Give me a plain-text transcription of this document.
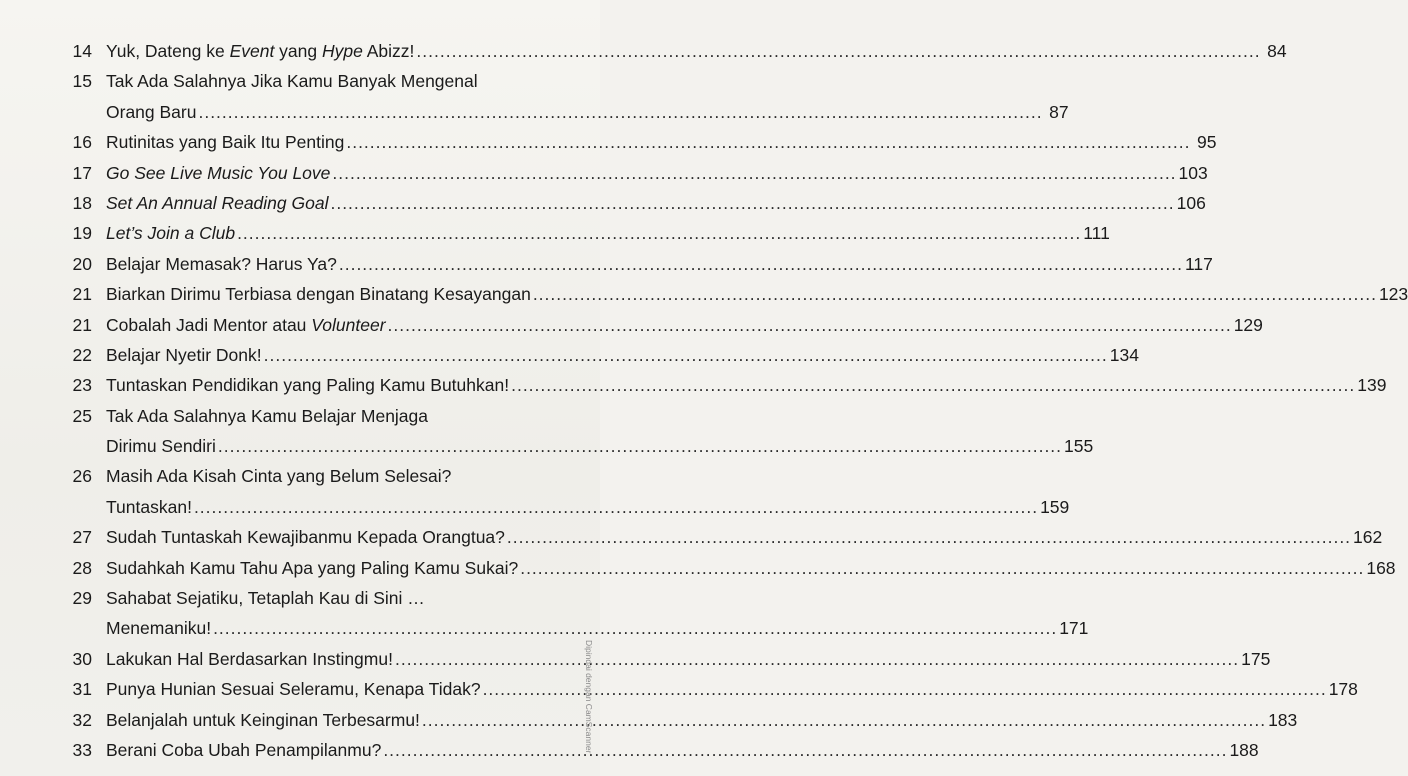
14 Yuk, Dateng ke Event yang Hype Abizz! .....	84
15 Tak Ada Salahnya Jika Kamu Banyak Mengenal
Orang Baru .....	87
16 Rutinitas yang Baik Itu Penting .....	95
17 Go See Live Music You Love .....	103
18 Set An Annual Reading Goal .....	106
19 Let’s Join a Club .....	111
20 Belajar Memasak? Harus Ya? .....	117
21 Biarkan Dirimu Terbiasa dengan Binatang Kesayangan .....	123
21 Cobalah Jadi Mentor atau Volunteer .....	129
22 Belajar Nyetir Donk! .....	134
23 Tuntaskan Pendidikan yang Paling Kamu Butuhkan! .....	139
25 Tak Ada Salahnya Kamu Belajar Menjaga
Dirimu Sendiri .....	155
26 Masih Ada Kisah Cinta yang Belum Selesai?
Tuntaskan! .....	159
27 Sudah Tuntaskah Kewajibanmu Kepada Orangtua? .....	162
28 Sudahkah Kamu Tahu Apa yang Paling Kamu Sukai? .....	168
29 Sahabat Sejatiku, Tetaplah Kau di Sini …
Menemaniku! .....	171
30 Lakukan Hal Berdasarkan Instingmu! .....	175
31 Punya Hunian Sesuai Seleramu, Kenapa Tidak? .....	178
32 Belanjalah untuk Keinginan Terbesarmu! .....	183
33 Berani Coba Ubah Penampilanmu? .....	188
Dipindai dengan CamScanner
